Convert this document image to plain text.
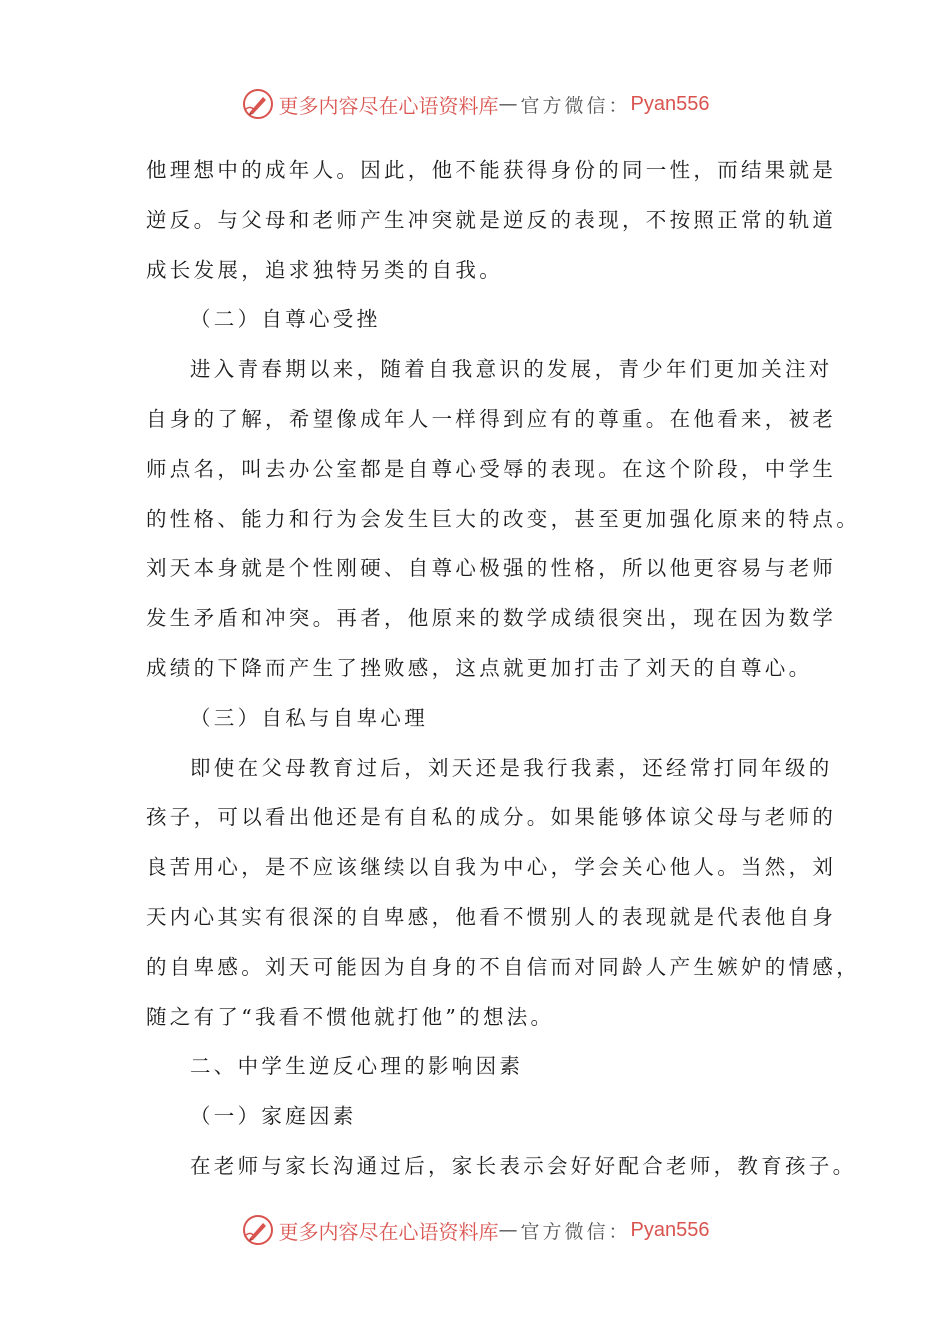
更多内容尽在心语资料库 — 官方微信： Pyan556
他理想中的成年人。因此，他不能获得身份的同一性，而结果就是
逆反。与父母和老师产生冲突就是逆反的表现，不按照正常的轨道
成长发展，追求独特另类的自我。
（二）自尊心受挫
进入青春期以来，随着自我意识的发展，青少年们更加关注对
自身的了解，希望像成年人一样得到应有的尊重。在他看来，被老
师点名，叫去办公室都是自尊心受辱的表现。在这个阶段，中学生
的性格、能力和行为会发生巨大的改变，甚至更加强化原来的特点。
刘天本身就是个性刚硬、自尊心极强的性格，所以他更容易与老师
发生矛盾和冲突。再者，他原来的数学成绩很突出，现在因为数学
成绩的下降而产生了挫败感，这点就更加打击了刘天的自尊心。
（三）自私与自卑心理
即使在父母教育过后，刘天还是我行我素，还经常打同年级的
孩子，可以看出他还是有自私的成分。如果能够体谅父母与老师的
良苦用心，是不应该继续以自我为中心，学会关心他人。当然，刘
天内心其实有很深的自卑感，他看不惯别人的表现就是代表他自身
的自卑感。刘天可能因为自身的不自信而对同龄人产生嫉妒的情感，
随之有了“我看不惯他就打他”的想法。
二、中学生逆反心理的影响因素
（一）家庭因素
在老师与家长沟通过后，家长表示会好好配合老师，教育孩子。
更多内容尽在心语资料库 — 官方微信： Pyan556
